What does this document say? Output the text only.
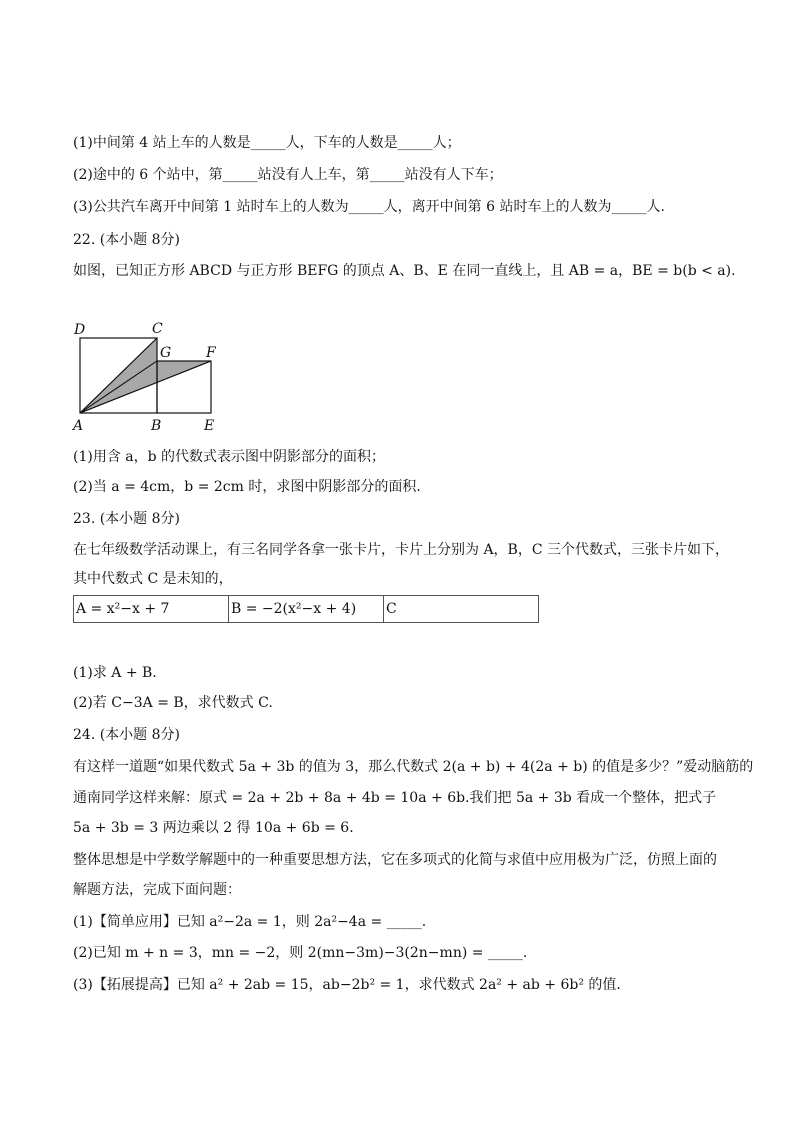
(1)中间第 4 站上车的人数是_____人，下车的人数是_____人；
(2)途中的 6 个站中，第_____站没有人上车，第_____站没有人下车；
(3)公共汽车离开中间第 1 站时车上的人数为_____人，离开中间第 6 站时车上的人数为_____人.
22. (本小题 8分)
如图，已知正方形 ABCD 与正方形 BEFG 的顶点 A、B、E 在同一直线上，且 AB = a，BE = b(b < a).
D	C
G F
A	B	E
(1)用含 a，b 的代数式表示图中阴影部分的面积；
(2)当 a = 4cm，b = 2cm 时，求图中阴影部分的面积.
23. (本小题 8分)
在七年级数学活动课上，有三名同学各拿一张卡片，卡片上分别为 A，B，C 三个代数式，三张卡片如下，
其中代数式 C 是未知的，
A = x²−x + 7	B = −2(x²−x + 4)	C
(1)求 A + B.
(2)若 C−3A = B，求代数式 C.
24. (本小题 8分)
有这样一道题“如果代数式 5a + 3b 的值为 3，那么代数式 2(a + b) + 4(2a + b) 的值是多少？”爱动脑筋的
通南同学这样来解：原式 = 2a + 2b + 8a + 4b = 10a + 6b.我们把 5a + 3b 看成一个整体，把式子
5a + 3b = 3 两边乘以 2 得 10a + 6b = 6.
整体思想是中学数学解题中的一种重要思想方法，它在多项式的化简与求值中应用极为广泛，仿照上面的
解题方法，完成下面问题：
(1)【简单应用】已知 a²−2a = 1，则 2a²−4a = _____.
(2)已知 m + n = 3，mn = −2，则 2(mn−3m)−3(2n−mn) = _____.
(3)【拓展提高】已知 a² + 2ab = 15，ab−2b² = 1，求代数式 2a² + ab + 6b² 的值.
